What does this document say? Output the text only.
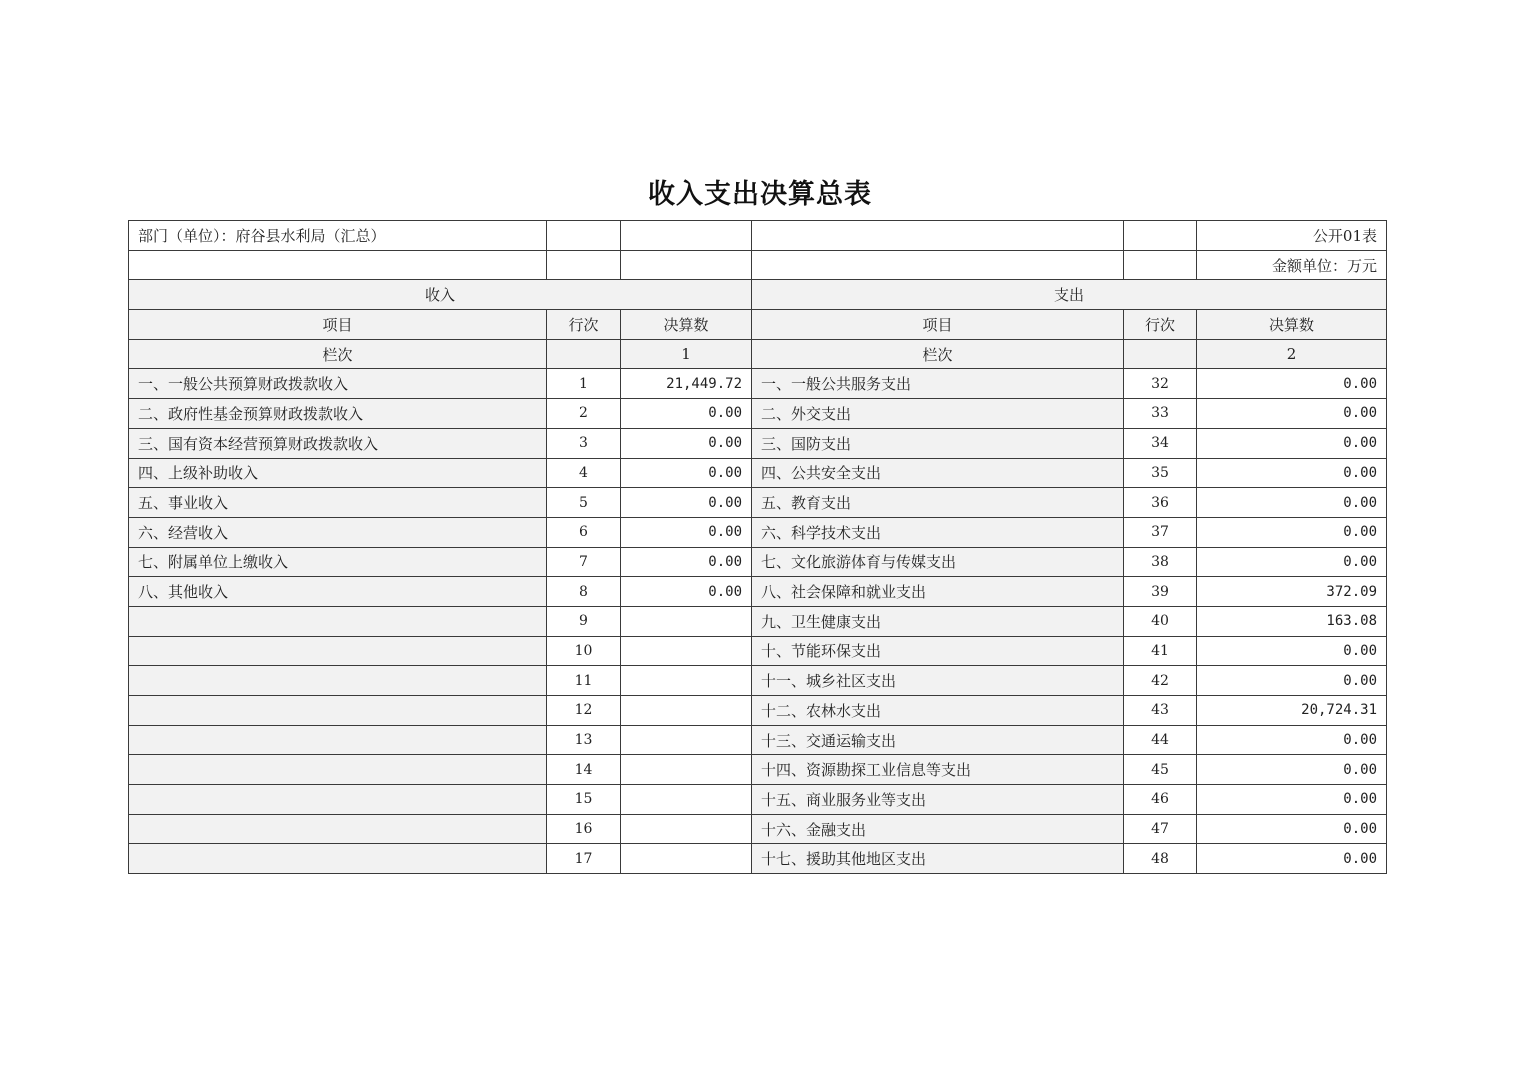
收入支出决算总表
部门（单位）：府谷县水利局（汇总）					公开01表
					金额单位：万元
收入			支出		
项目	行次	决算数	项目	行次	决算数
栏次		1	栏次		2
一、一般公共预算财政拨款收入	1	21,449.72	一、一般公共服务支出	32	0.00
二、政府性基金预算财政拨款收入	2	0.00	二、外交支出	33	0.00
三、国有资本经营预算财政拨款收入	3	0.00	三、国防支出	34	0.00
四、上级补助收入	4	0.00	四、公共安全支出	35	0.00
五、事业收入	5	0.00	五、教育支出	36	0.00
六、经营收入	6	0.00	六、科学技术支出	37	0.00
七、附属单位上缴收入	7	0.00	七、文化旅游体育与传媒支出	38	0.00
八、其他收入	8	0.00	八、社会保障和就业支出	39	372.09
	9		九、卫生健康支出	40	163.08
	10		十、节能环保支出	41	0.00
	11		十一、城乡社区支出	42	0.00
	12		十二、农林水支出	43	20,724.31
	13		十三、交通运输支出	44	0.00
	14		十四、资源勘探工业信息等支出	45	0.00
	15		十五、商业服务业等支出	46	0.00
	16		十六、金融支出	47	0.00
	17		十七、援助其他地区支出	48	0.00
